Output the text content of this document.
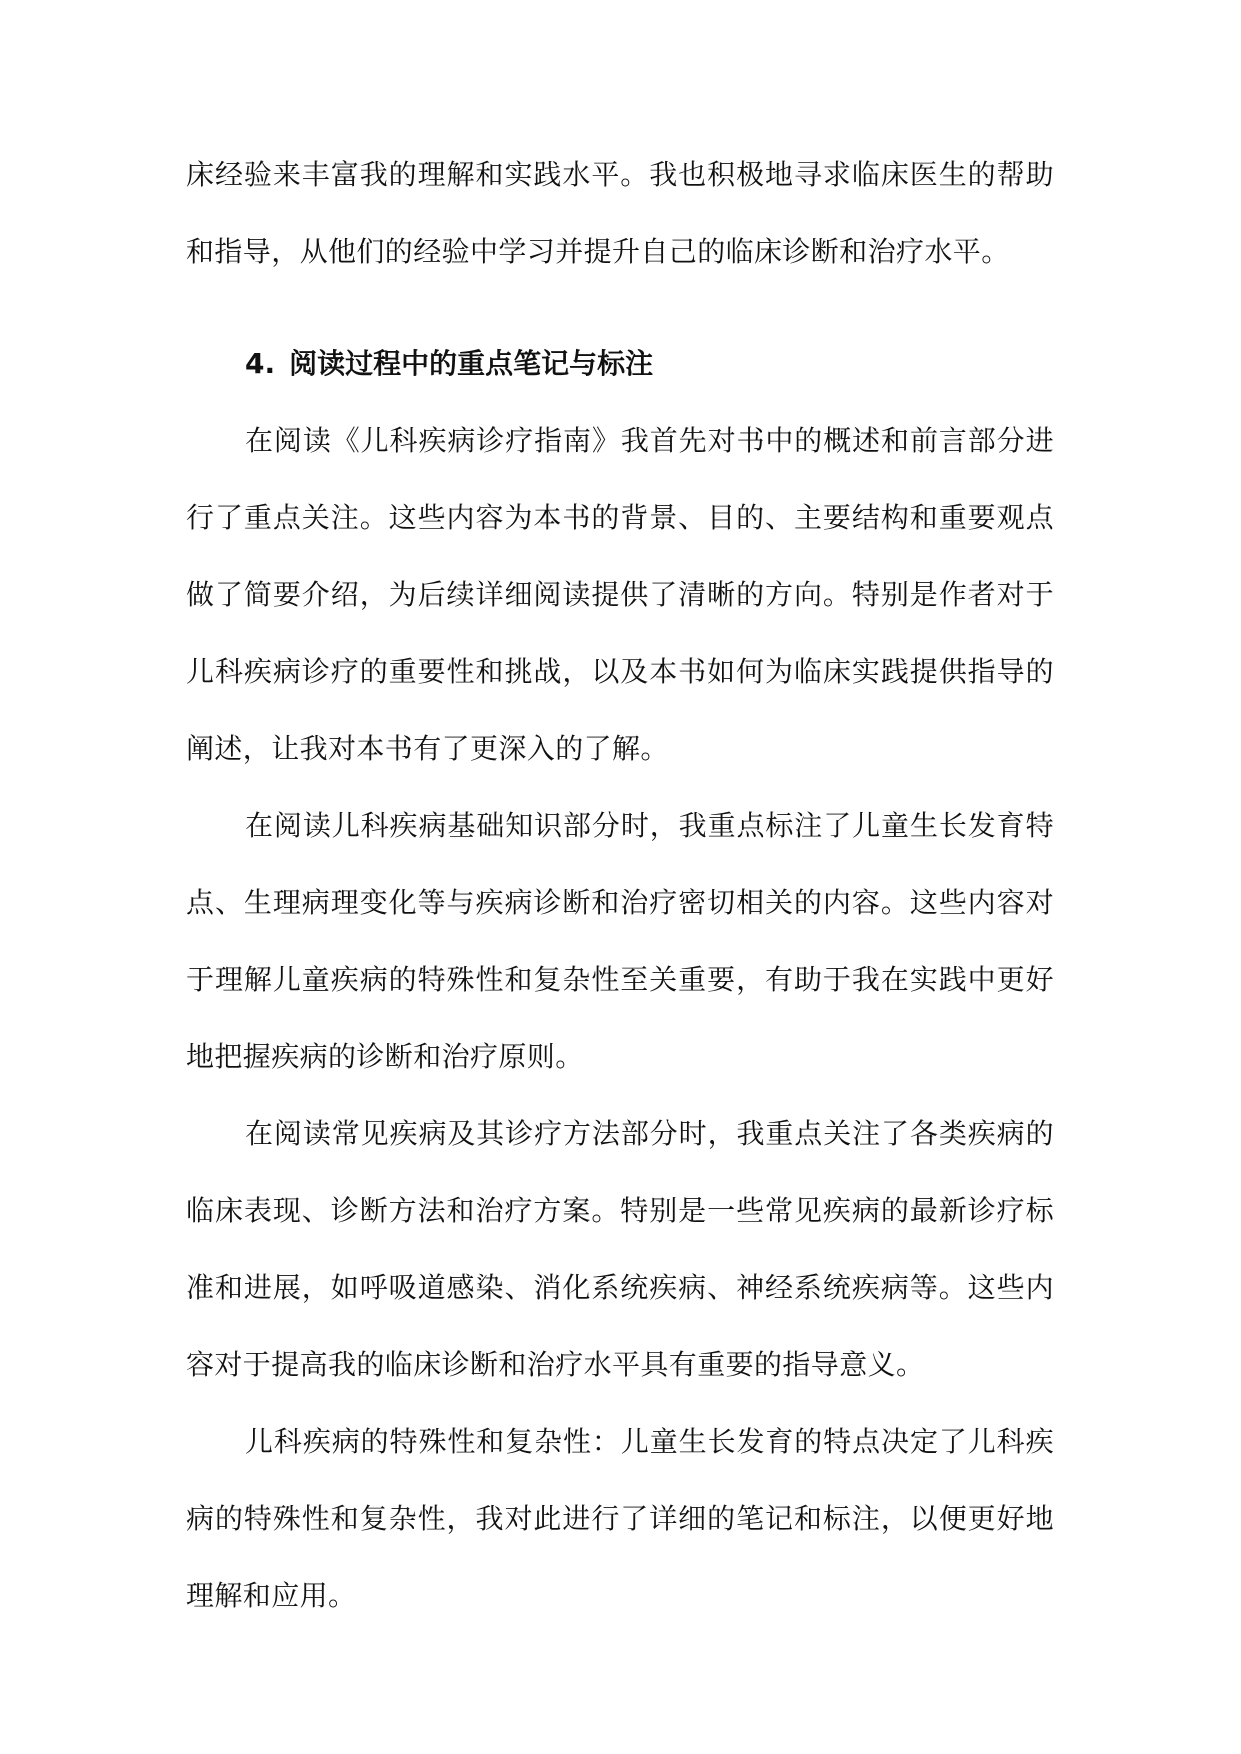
床经验来丰富我的理解和实践水平。我也积极地寻求临床医生的帮助和指导，从他们的经验中学习并提升自己的临床诊断和治疗水平。

4. 阅读过程中的重点笔记与标注

在阅读《儿科疾病诊疗指南》我首先对书中的概述和前言部分进行了重点关注。这些内容为本书的背景、目的、主要结构和重要观点做了简要介绍，为后续详细阅读提供了清晰的方向。特别是作者对于儿科疾病诊疗的重要性和挑战，以及本书如何为临床实践提供指导的阐述，让我对本书有了更深入的了解。

在阅读儿科疾病基础知识部分时，我重点标注了儿童生长发育特点、生理病理变化等与疾病诊断和治疗密切相关的内容。这些内容对于理解儿童疾病的特殊性和复杂性至关重要，有助于我在实践中更好地把握疾病的诊断和治疗原则。

在阅读常见疾病及其诊疗方法部分时，我重点关注了各类疾病的临床表现、诊断方法和治疗方案。特别是一些常见疾病的最新诊疗标准和进展，如呼吸道感染、消化系统疾病、神经系统疾病等。这些内容对于提高我的临床诊断和治疗水平具有重要的指导意义。

儿科疾病的特殊性和复杂性：儿童生长发育的特点决定了儿科疾病的特殊性和复杂性，我对此进行了详细的笔记和标注，以便更好地理解和应用。
